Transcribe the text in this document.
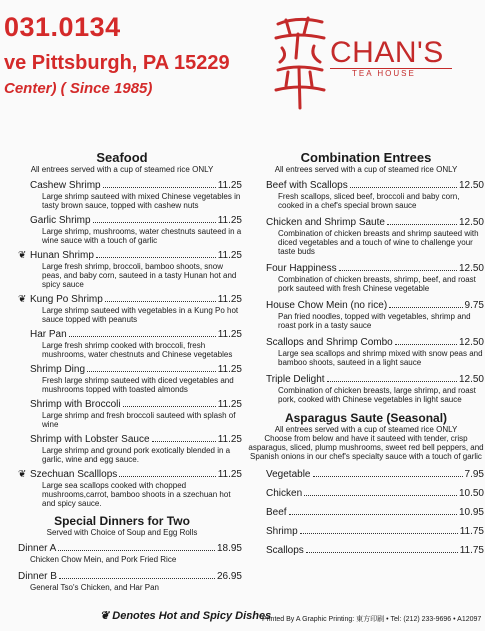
031.0134
ve Pittsburgh, PA 15229
Center) ( Since 1985)
CHAN'S
TEA HOUSE

Seafood

All entrees served with a cup of steamed rice ONLY

Cashew Shrimp	11.25
Large shrimp sauteed with mixed Chinese vegetables in tasty brown sauce, topped with cashew nuts
Garlic Shrimp	11.25
Large shrimp, mushrooms, water chestnuts sauteed in a wine sauce with a touch of garlic
❦ Hunan Shrimp	11.25
Large fresh shrimp, broccoli, bamboo shoots, snow peas, and baby corn, sauteed in a tasty Hunan hot and spicy sauce
❦ Kung Po Shrimp	11.25
Large shrimp sauteed with vegetables in a Kung Po hot sauce topped with peanuts
Har Pan	11.25
Large fresh shrimp cooked with broccoli, fresh mushrooms, water chestnuts and Chinese vegetables
Shrimp Ding	11.25
Fresh large shrimp sauteed with diced vegetables and mushrooms topped with toasted almonds
Shrimp with Broccoli	11.25
Large shrimp and fresh broccoli sauteed with splash of wine
Shrimp with Lobster Sauce	11.25
Large shrimp and ground pork exotically blended in a garlic, wine and egg sauce.
❦ Szechuan Scalllops	11.25
Large sea scallops cooked with chopped mushrooms,carrot, bamboo shoots in a szechuan hot and spicy sauce.

Special Dinners for Two

Served with Choice of Soup and Egg Rolls

Dinner A	18.95
Chicken Chow Mein, and Pork Fried Rice
Dinner B	26.95
General Tso's Chicken, and Har Pan

Combination Entrees

All entrees served with a cup of steamed rice ONLY

Beef with Scallops	12.50
Fresh scallops, sliced beef, broccoli and baby corn, cooked in a chef's special brown sauce
Chicken and Shrimp Saute	12.50
Combination of chicken breasts and shrimp sauteed with diced vegetables and a touch of wine to challenge your taste buds
Four Happiness	12.50
Combination of chicken breasts, shrimp, beef, and roast pork sauteed with fresh Chinese vegetable
House Chow Mein (no rice)	9.75
Pan fried noodles, topped with vegetables, shrimp and roast pork in a tasty sauce
Scallops and Shrimp Combo	12.50
Large sea scallops and shrimp mixed with snow peas and bamboo shoots, sauteed in a light sauce
Triple Delight	12.50
Combination of chicken breasts, large shrimp, and roast pork, cooked with Chinese vegetables in light sauce

Asparagus Saute (Seasonal)

All entrees served with a cup of steamed rice ONLY

Choose from below and have it sauteed with tender, crisp asparagus, sliced, plump mushrooms, sweet red bell peppers, and Spanish onions in our chef's specialty sauce with a touch of garlic

Vegetable	7.95
Chicken	10.50
Beef	10.95
Shrimp	11.75
Scallops	11.75
❦ Denotes Hot and Spicy Dishes
Printed By A Graphic Printing: 東方印刷 • Tel: (212) 233-9696 • A12097
